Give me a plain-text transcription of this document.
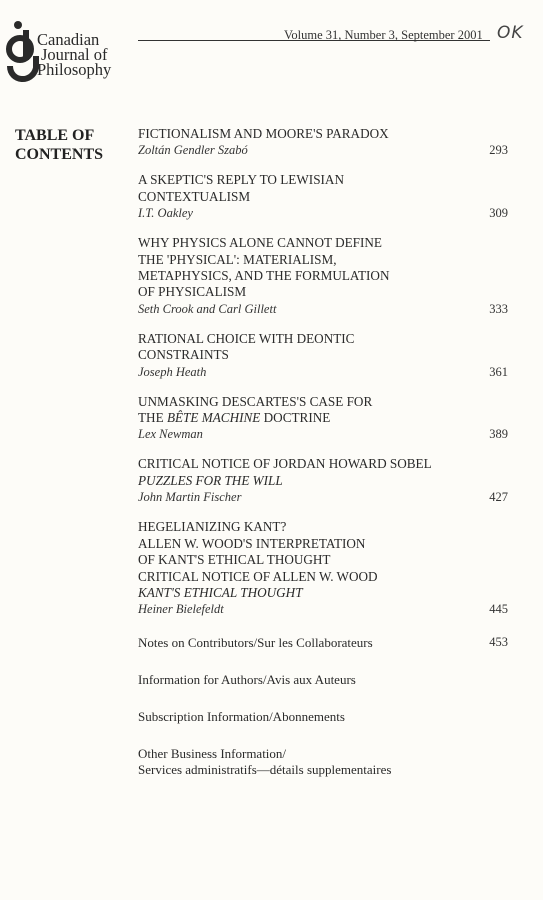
Canadian
Journal of
Philosophy
Volume 31, Number 3, September 2001 OK
TABLE OF
CONTENTS
FICTIONALISM AND MOORE'S PARADOX
Zoltán Gendler Szabó	293
A SKEPTIC'S REPLY TO LEWISIAN
CONTEXTUALISM
I.T. Oakley	309
WHY PHYSICS ALONE CANNOT DEFINE
THE 'PHYSICAL': MATERIALISM,
METAPHYSICS, AND THE FORMULATION
OF PHYSICALISM
Seth Crook and Carl Gillett	333
RATIONAL CHOICE WITH DEONTIC
CONSTRAINTS
Joseph Heath	361
UNMASKING DESCARTES'S CASE FOR
THE BÊTE MACHINE DOCTRINE
Lex Newman	389
CRITICAL NOTICE OF JORDAN HOWARD SOBEL
PUZZLES FOR THE WILL
John Martin Fischer	427
HEGELIANIZING KANT?
ALLEN W. WOOD'S INTERPRETATION
OF KANT'S ETHICAL THOUGHT
CRITICAL NOTICE OF ALLEN W. WOOD
KANT'S ETHICAL THOUGHT
Heiner Bielefeldt	445
Notes on Contributors/Sur les Collaborateurs	453
Information for Authors/Avis aux Auteurs
Subscription Information/Abonnements
Other Business Information/
Services administratifs—détails supplementaires
